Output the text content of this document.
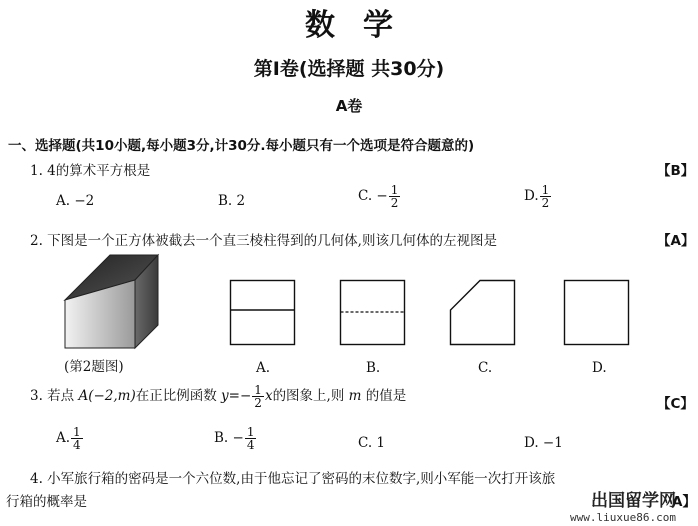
数学
第Ⅰ卷(选择题 共30分)
A卷
一、选择题(共10小题,每小题3分,计30分.每小题只有一个选项是符合题意的)
1. 4的算术平方根是	【B】
A. −2	B. 2	C. − $\frac{1}{2}$	D. $\frac{1}{2}$
2. 下图是一个正方体被截去一个直三棱柱得到的几何体,则该几何体的左视图是	【A】
(第2题图)	A.	B.	C.	D.
3. 若点 A(−2,m)在正比例函数 $y=- \frac{1}{2}$ x的图象上,则 m 的值是	【C】
A. $\frac{1}{4}$	B. − $\frac{1}{4}$	C. 1	D. −1
4. 小军旅行箱的密码是一个六位数,由于他忘记了密码的末位数字,则小军能一次打开该旅
行箱的概率是	A】
出国留学网
www.liuxue86.com
